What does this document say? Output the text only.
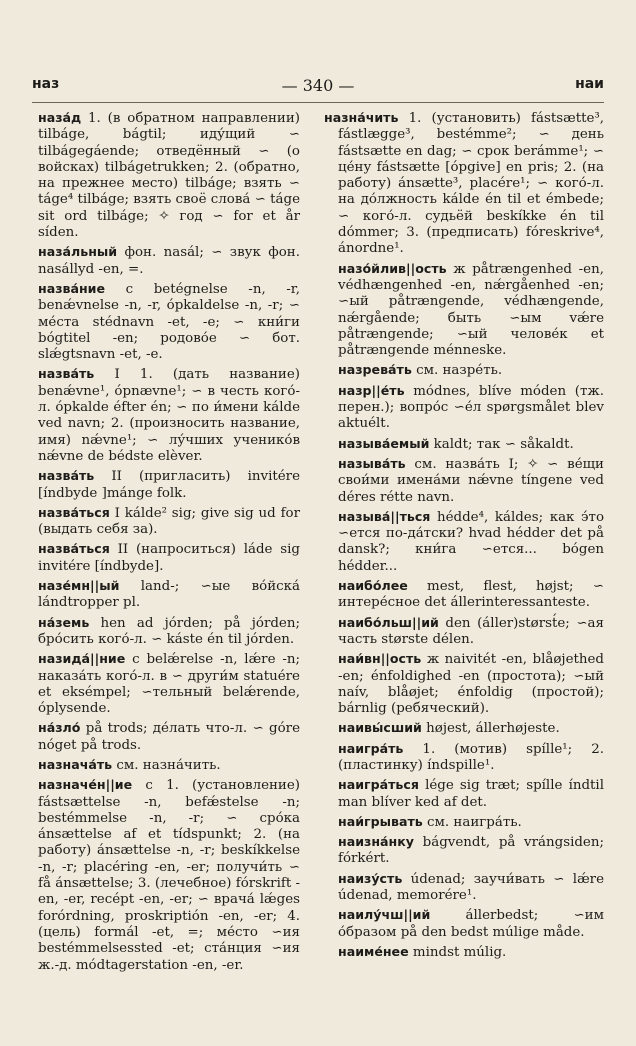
наз	— 340 —	наи

наза́д 1. (в обратном направлении) tilbáge, bágtil; иду́щий ∽ tilbágegáende; отведённый ∽ (о войсках) tilbágetrukken; 2. (обратно, на прежнее место) tilbáge; взять ∽ táge⁴ tilbáge; взять своё слова́ ∽ táge sit ord tilbáge; ✧ год ∽ for et år síden.

наза́льный фон. nasál; ∽ звук фон. nasállyd -en, =.

назва́ние с betégnelse -n, -r, benǽvnelse -n, -r, ópkaldelse -n, -r; ∽ ме́ста stédnavn -et, -e; ∽ кни́ги bógtitel -en; родово́е ∽ бот. slǽgtsnavn -et, -e.

назва́ть I 1. (дать название) benǽvne¹, ópnævne¹; ∽ в честь кого́-л. ópkalde éfter én; ∽ по и́мени kálde ved navn; 2. (произносить название, имя) nǽvne¹; ∽ лу́чших ученико́в nǽvne de bédste elèver.

назва́ть II (пригласить) invitére [índbyde ]mánge folk.

назва́ться I kálde² sig; give sig ud for (выдать себя за).

назва́ться II (напроситься) láde sig invitére [índbyde].

назе́мн||ый land-; ∽ые во́йска́ lándtropper pl.

на́земь hen ad jórden; på jórden; бро́сить кого́-л. ∽ káste én til jórden.

назида́||ние с belǽrelse -n, lǽre -n; наказа́ть кого́-л. в ∽ други́м statuére et eksémpel; ∽тельный belǽrende, óplysende.

на́зло́ på trods; де́лать что-л. ∽ góre nóget på trods.

назнача́ть см. назна́чить.

назначе́н||ие с 1. (установление) fástsættelse -n, befǽstelse -n; bestémmelse -n, -r; ∽ сро́ка ánsættelse af et tídspunkt; 2. (на работу) ánsættelse -n, -r; beskíkkelse -n, -r; placéring -en, -er; получи́ть ∽ få ánsættelse; 3. (лечебное) fórskrift -en, -er, recépt -en, -er; ∽ врача́ lǽges forórdning, proskriptión -en, -er; 4. (цель) formál -et, =; ме́сто ∽ия bestémmelsessted -et; ста́нция ∽ия ж.-д. módtagerstation -en, -er.

назна́чить 1. (установить) fástsætte³, fástlægge³, bestémme²; ∽ день fástsætte en dag; ∽ срок berámme¹; ∽ це́ну fástsætte [ópgive] en pris; 2. (на работу) ánsætte³, placére¹; ∽ кого́-л. на до́лжность kálde én til et émbede; ∽ кого́-л. судьёй beskíkke én til dómmer; 3. (предписать) fóreskrive⁴, ánordne¹.

назо́йлив||ость ж påtrængenhed -en, védhængenhed -en, nǽrgåenhed -en; ∽ый påtrængende, védhængende, nǽrgående; быть ∽ым vǽre påtrængende; ∽ый челове́к et påtrængende ménneske.

назрева́ть см. назре́ть.

назр||е́ть módnes, blíve móden (тж. перен.); вопро́с ∽е́л spørgsmålet blev aktuélt.

называ́емый kaldt; так ∽ såkaldt.

называ́ть см. назва́ть I; ✧ ∽ ве́щи свои́ми имена́ми nǽvne tíngene ved déres rétte navn.

называ́||ться hédde⁴, káldes; как э́то ∽ется по-да́тски? hvad hédder det på dansk?; кни́га ∽ется... bógen hédder...

наибо́лее mest, flest, højst; ∽ интере́сное det állerinteressanteste.

наибо́льш||ий den (áller)størst́e; ∽ая часть største délen.

наи́вн||ость ж naivitét -en, blåøjethed -en; énfoldighed -en (простота); ∽ый naív, blåøjet; énfoldig (простой); bárnlig (ребяческий).

наивы́сший højest, állerhøjeste.

наигра́ть 1. (мотив) spílle¹; 2. (пластинку) índspille¹.

наигра́ться lége sig træt; spílle índtil man blíver ked af det.

наи́грывать см. наигра́ть.

наизна́нку bágvendt, på vrángsiden; fórkért.

наизу́сть údenad; заучи́вать ∽ lǽre údenad, memorére¹.

наилу́чш||ий állerbedst; ∽им о́бразом på den bedst múlige måde.

наиме́нее mindst múlig.
